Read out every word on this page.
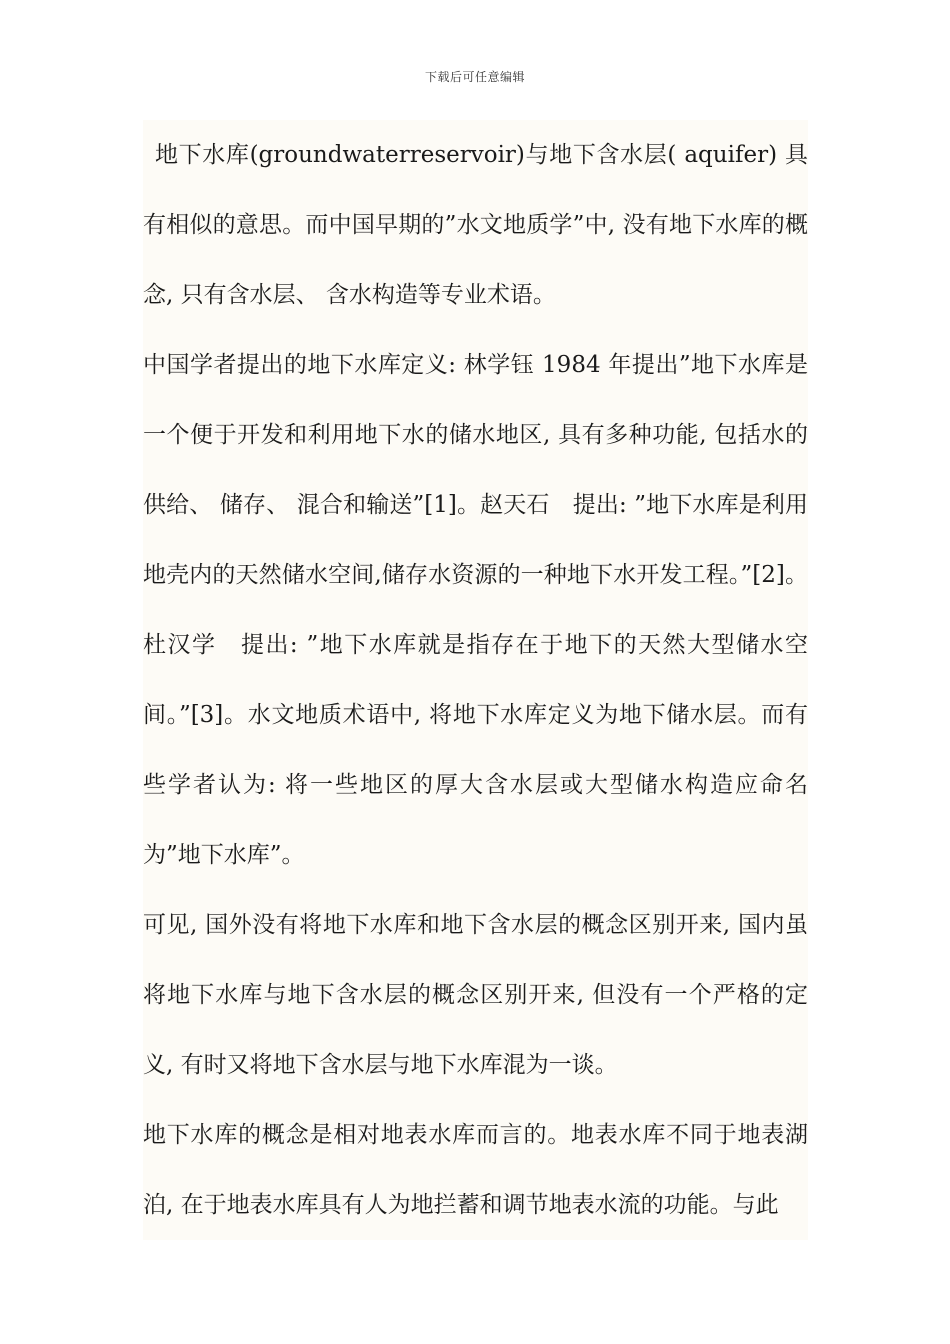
下载后可任意编辑

地下水库(groundwaterreservoir)与地下含水层( aquifer) 具有相似的意思。而中国早期的”水文地质学”中, 没有地下水库的概念, 只有含水层、 含水构造等专业术语。

中国学者提出的地下水库定义: 林学钰 1984 年提出”地下水库是一个便于开发和利用地下水的储水地区, 具有多种功能, 包括水的供给、 储存、 混合和输送”[1]。赵天石　提出: ”地下水库是利用地壳内的天然储水空间,储存水资源的一种地下水开发工程。”[2]。杜汉学　提出: ”地下水库就是指存在于地下的天然大型储水空间。”[3]。水文地质术语中, 将地下水库定义为地下储水层。而有些学者认为: 将一些地区的厚大含水层或大型储水构造应命名为”地下水库”。

可见, 国外没有将地下水库和地下含水层的概念区别开来, 国内虽将地下水库与地下含水层的概念区别开来, 但没有一个严格的定义, 有时又将地下含水层与地下水库混为一谈。

地下水库的概念是相对地表水库而言的。地表水库不同于地表湖泊, 在于地表水库具有人为地拦蓄和调节地表水流的功能。与此
